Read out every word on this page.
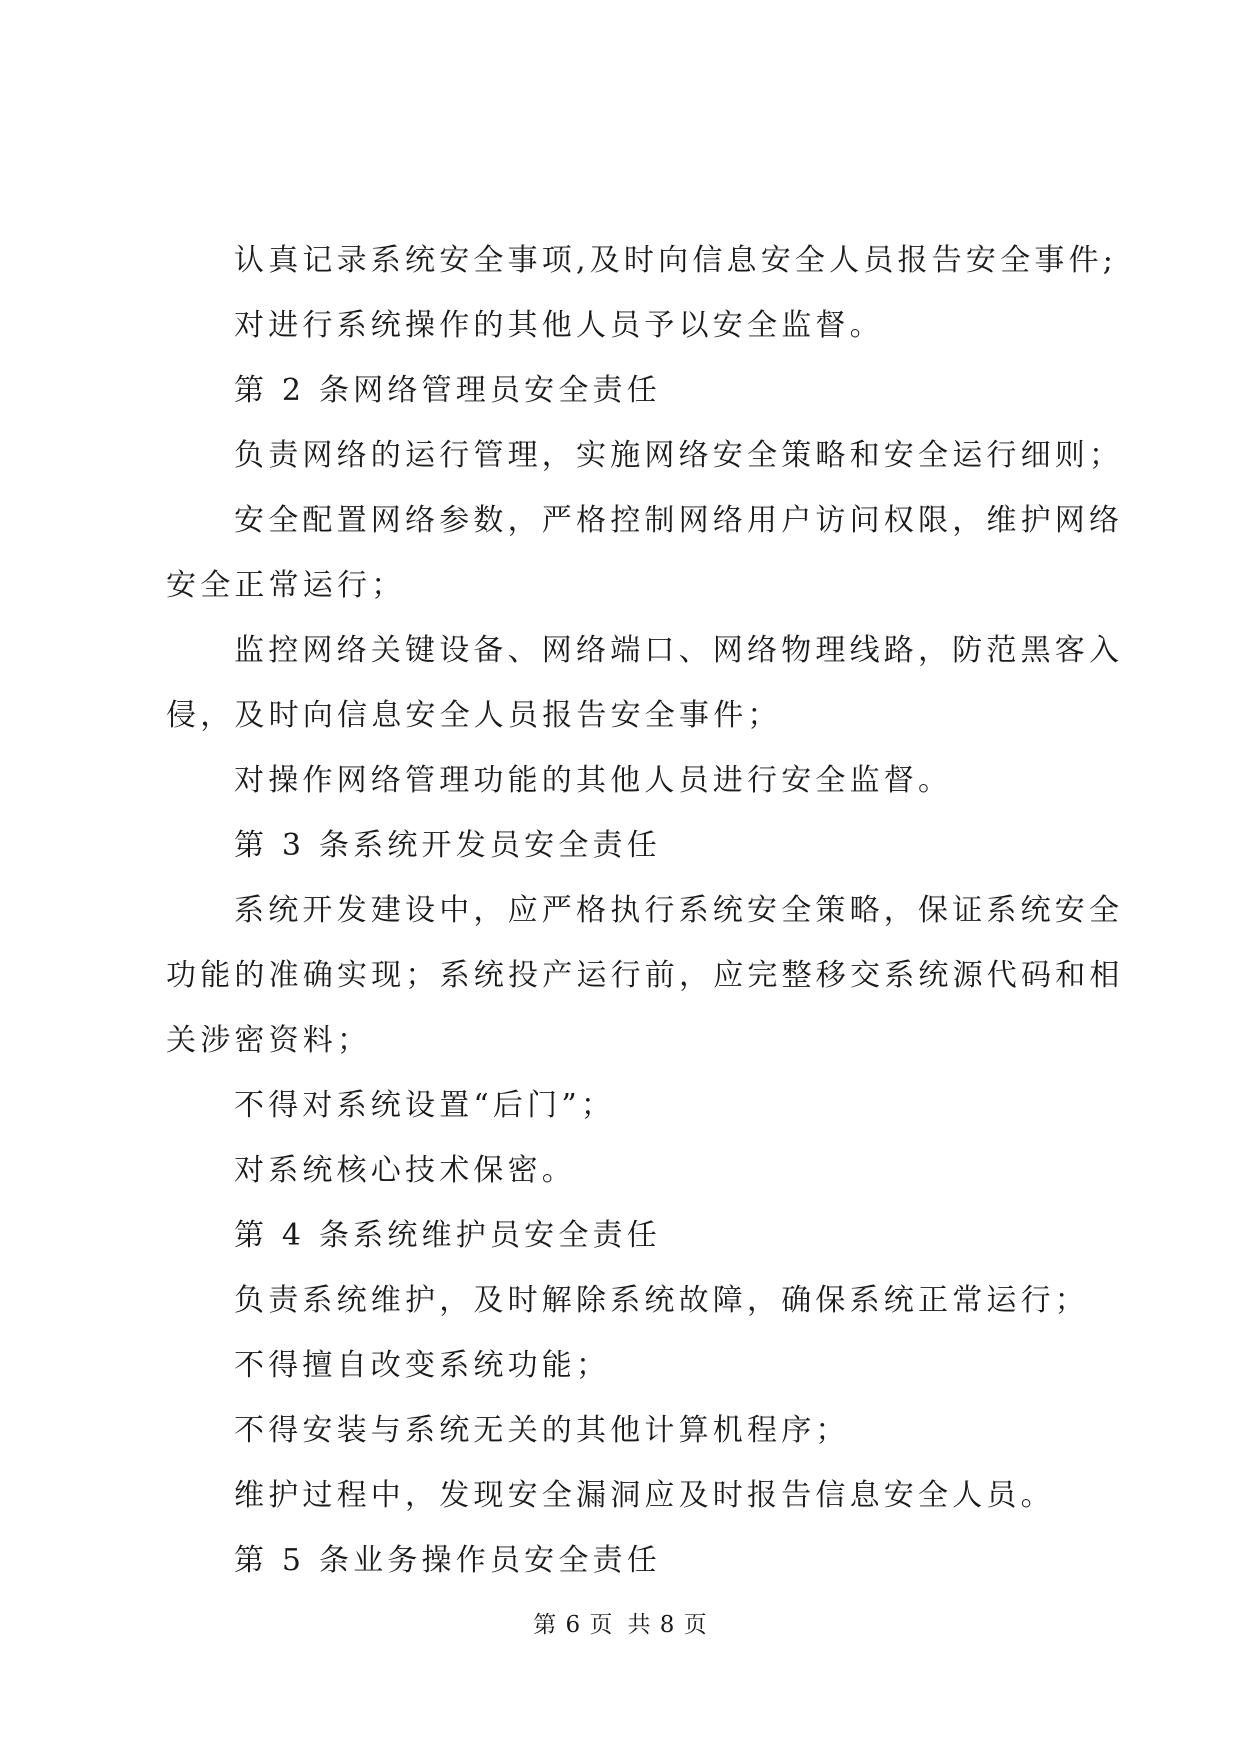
认真记录系统安全事项,及时向信息安全人员报告安全事件;
对进行系统操作的其他人员予以安全监督。
第 2 条网络管理员安全责任
负责网络的运行管理，实施网络安全策略和安全运行细则；
安全配置网络参数，严格控制网络用户访问权限，维护网络
安全正常运行；
监控网络关键设备、网络端口、网络物理线路，防范黑客入
侵，及时向信息安全人员报告安全事件；
对操作网络管理功能的其他人员进行安全监督。
第 3 条系统开发员安全责任
系统开发建设中，应严格执行系统安全策略，保证系统安全
功能的准确实现；系统投产运行前，应完整移交系统源代码和相
关涉密资料；
不得对系统设置“后门”；
对系统核心技术保密。
第 4 条系统维护员安全责任
负责系统维护，及时解除系统故障，确保系统正常运行；
不得擅自改变系统功能；
不得安装与系统无关的其他计算机程序；
维护过程中，发现安全漏洞应及时报告信息安全人员。
第 5 条业务操作员安全责任
第 6 页 共 8 页
